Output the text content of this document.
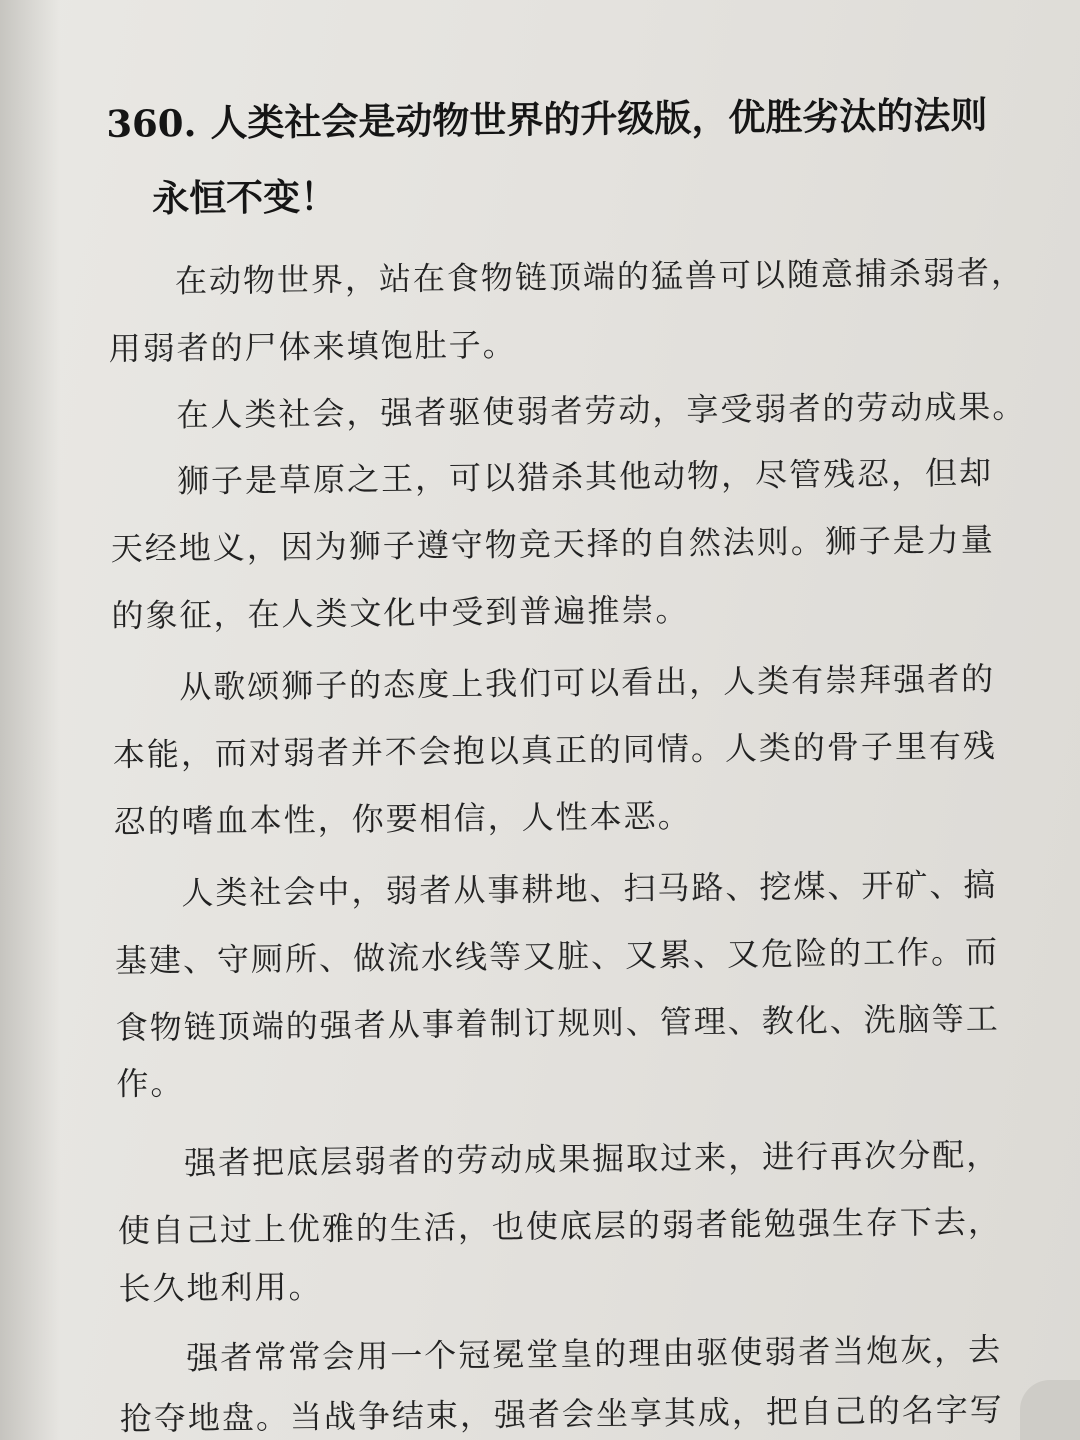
360. 人类社会是动物世界的升级版，优胜劣汰的法则
永恒不变！

在动物世界，站在食物链顶端的猛兽可以随意捕杀弱者，

用弱者的尸体来填饱肚子。

在人类社会，强者驱使弱者劳动，享受弱者的劳动成果。

狮子是草原之王，可以猎杀其他动物，尽管残忍，但却

天经地义，因为狮子遵守物竞天择的自然法则。狮子是力量

的象征，在人类文化中受到普遍推崇。

从歌颂狮子的态度上我们可以看出，人类有崇拜强者的

本能，而对弱者并不会抱以真正的同情。人类的骨子里有残

忍的嗜血本性，你要相信，人性本恶。

人类社会中，弱者从事耕地、扫马路、挖煤、开矿、搞

基建、守厕所、做流水线等又脏、又累、又危险的工作。而

食物链顶端的强者从事着制订规则、管理、教化、洗脑等工

作。

强者把底层弱者的劳动成果掘取过来，进行再次分配，

使自己过上优雅的生活，也使底层的弱者能勉强生存下去，

长久地利用。

强者常常会用一个冠冕堂皇的理由驱使弱者当炮灰，去

抢夺地盘。当战争结束，强者会坐享其成，把自己的名字写
